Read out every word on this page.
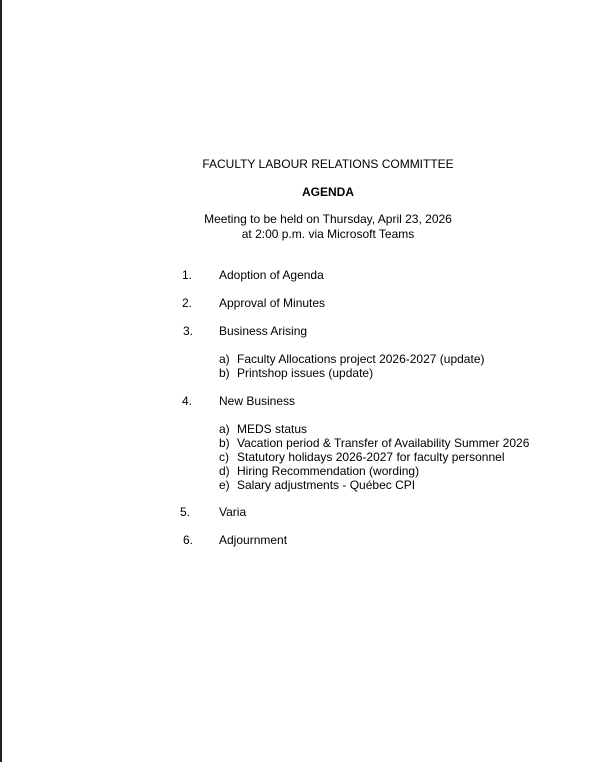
FACULTY LABOUR RELATIONS COMMITTEE
AGENDA
Meeting to be held on Thursday, April 23, 2026
at 2:00 p.m. via Microsoft Teams
1. Adoption of Agenda
2. Approval of Minutes
3. Business Arising
a) Faculty Allocations project 2026-2027 (update)
b) Printshop issues (update)
4. New Business
a) MEDS status
b) Vacation period & Transfer of Availability Summer 2026
c) Statutory holidays 2026-2027 for faculty personnel
d) Hiring Recommendation (wording)
e) Salary adjustments - Québec CPI
5. Varia
6. Adjournment
